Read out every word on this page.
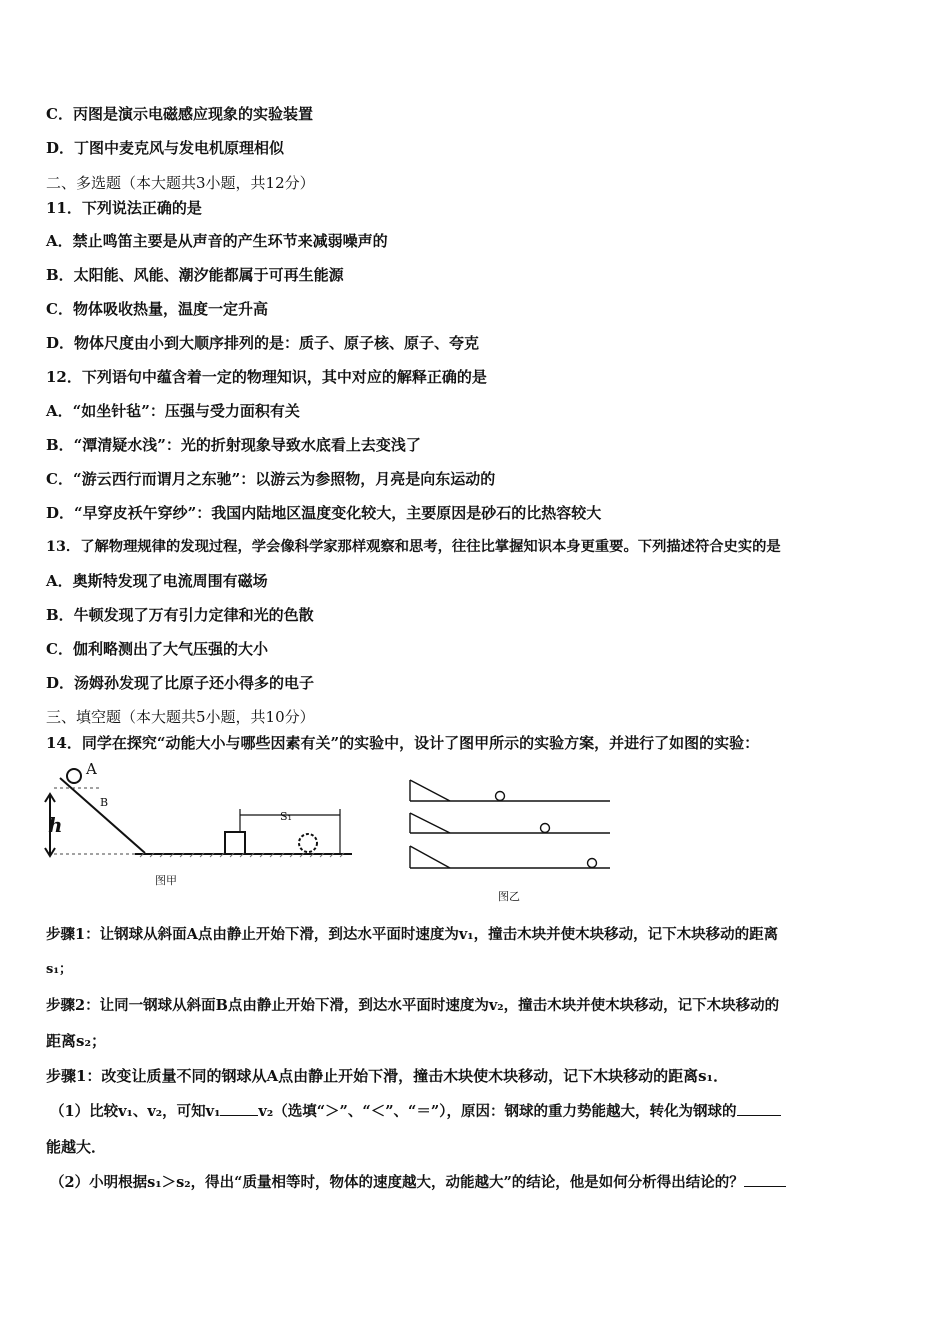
C．丙图是演示电磁感应现象的实验装置
D．丁图中麦克风与发电机原理相似
二、多选题（本大题共3小题，共12分）
11．下列说法正确的是
A．禁止鸣笛主要是从声音的产生环节来减弱噪声的
B．太阳能、风能、潮汐能都属于可再生能源
C．物体吸收热量，温度一定升高
D．物体尺度由小到大顺序排列的是：质子、原子核、原子、夸克
12．下列语句中蕴含着一定的物理知识，其中对应的解释正确的是
A．“如坐针毡”：压强与受力面积有关
B．“潭清疑水浅”：光的折射现象导致水底看上去变浅了
C．“游云西行而谓月之东驰”：以游云为参照物，月亮是向东运动的
D．“早穿皮袄午穿纱”：我国内陆地区温度变化较大，主要原因是砂石的比热容较大
13．了解物理规律的发现过程，学会像科学家那样观察和思考，往往比掌握知识本身更重要。下列描述符合史实的是
A．奥斯特发现了电流周围有磁场
B．牛顿发现了万有引力定律和光的色散
C．伽利略测出了大气压强的大小
D．汤姆孙发现了比原子还小得多的电子
三、填空题（本大题共5小题，共10分）
14．同学在探究“动能大小与哪些因素有关”的实验中，设计了图甲所示的实验方案，并进行了如图的实验：
A
B
h	S₁
图甲
图乙
步骤1：让钢球从斜面A点由静止开始下滑，到达水平面时速度为v₁，撞击木块并使木块移动，记下木块移动的距离
s₁；
步骤2：让同一钢球从斜面B点由静止开始下滑，到达水平面时速度为v₂，撞击木块并使木块移动，记下木块移动的
距离s₂；
步骤1：改变让质量不同的钢球从A点由静止开始下滑，撞击木块使木块移动，记下木块移动的距离s₁．
（1）比较v₁、v₂，可知v₁	v₂（选填“＞”、“＜”、“＝”），原因：钢球的重力势能越大，转化为钢球的
能越大．
（2）小明根据s₁＞s₂，得出“质量相等时，物体的速度越大，动能越大”的结论，他是如何分析得出结论的？
